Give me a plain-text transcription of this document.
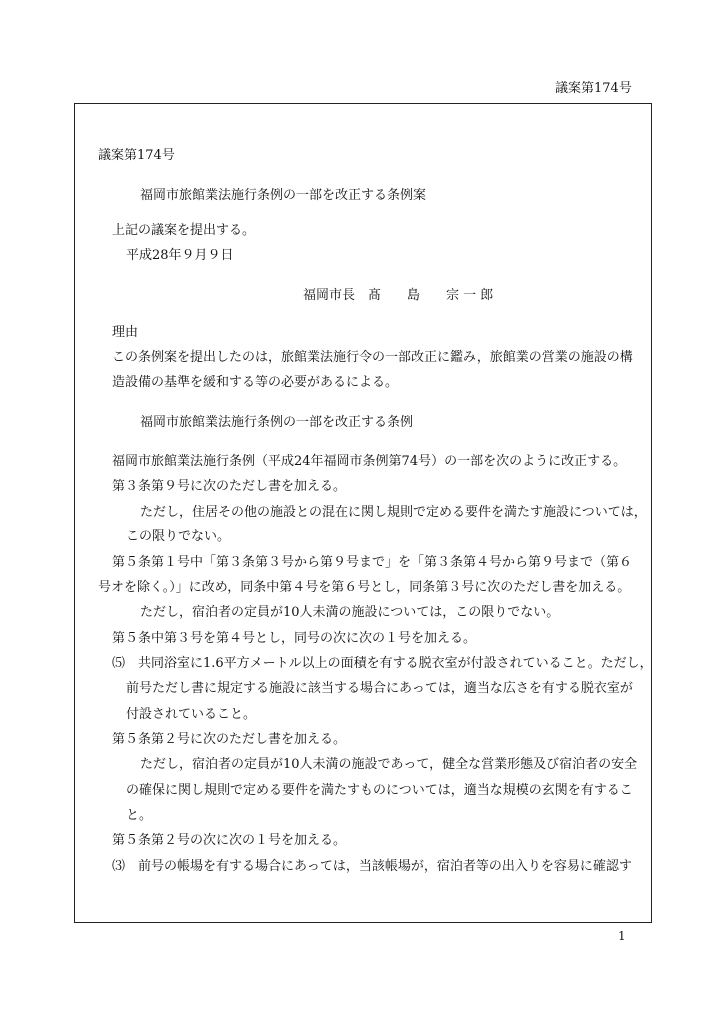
議案第174号
議案第174号
福岡市旅館業法施行条例の一部を改正する条例案
上記の議案を提出する。
平成28年９月９日
福岡市長　髙　　島　　宗 一 郎
理由
この条例案を提出したのは，旅館業法施行令の一部改正に鑑み，旅館業の営業の施設の構
造設備の基準を緩和する等の必要があるによる。
福岡市旅館業法施行条例の一部を改正する条例
福岡市旅館業法施行条例（平成24年福岡市条例第74号）の一部を次のように改正する。
第３条第９号に次のただし書を加える。
ただし，住居その他の施設との混在に関し規則で定める要件を満たす施設については，
この限りでない。
第５条第１号中「第３条第３号から第９号まで」を「第３条第４号から第９号まで（第６
号オを除く。）」に改め，同条中第４号を第６号とし，同条第３号に次のただし書を加える。
ただし，宿泊者の定員が10人未満の施設については，この限りでない。
第５条中第３号を第４号とし，同号の次に次の１号を加える。
⑸　共同浴室に1.6平方メートル以上の面積を有する脱衣室が付設されていること。ただし，
前号ただし書に規定する施設に該当する場合にあっては，適当な広さを有する脱衣室が
付設されていること。
第５条第２号に次のただし書を加える。
ただし，宿泊者の定員が10人未満の施設であって，健全な営業形態及び宿泊者の安全
の確保に関し規則で定める要件を満たすものについては，適当な規模の玄関を有するこ
と。
第５条第２号の次に次の１号を加える。
⑶　前号の帳場を有する場合にあっては，当該帳場が，宿泊者等の出入りを容易に確認す
1
